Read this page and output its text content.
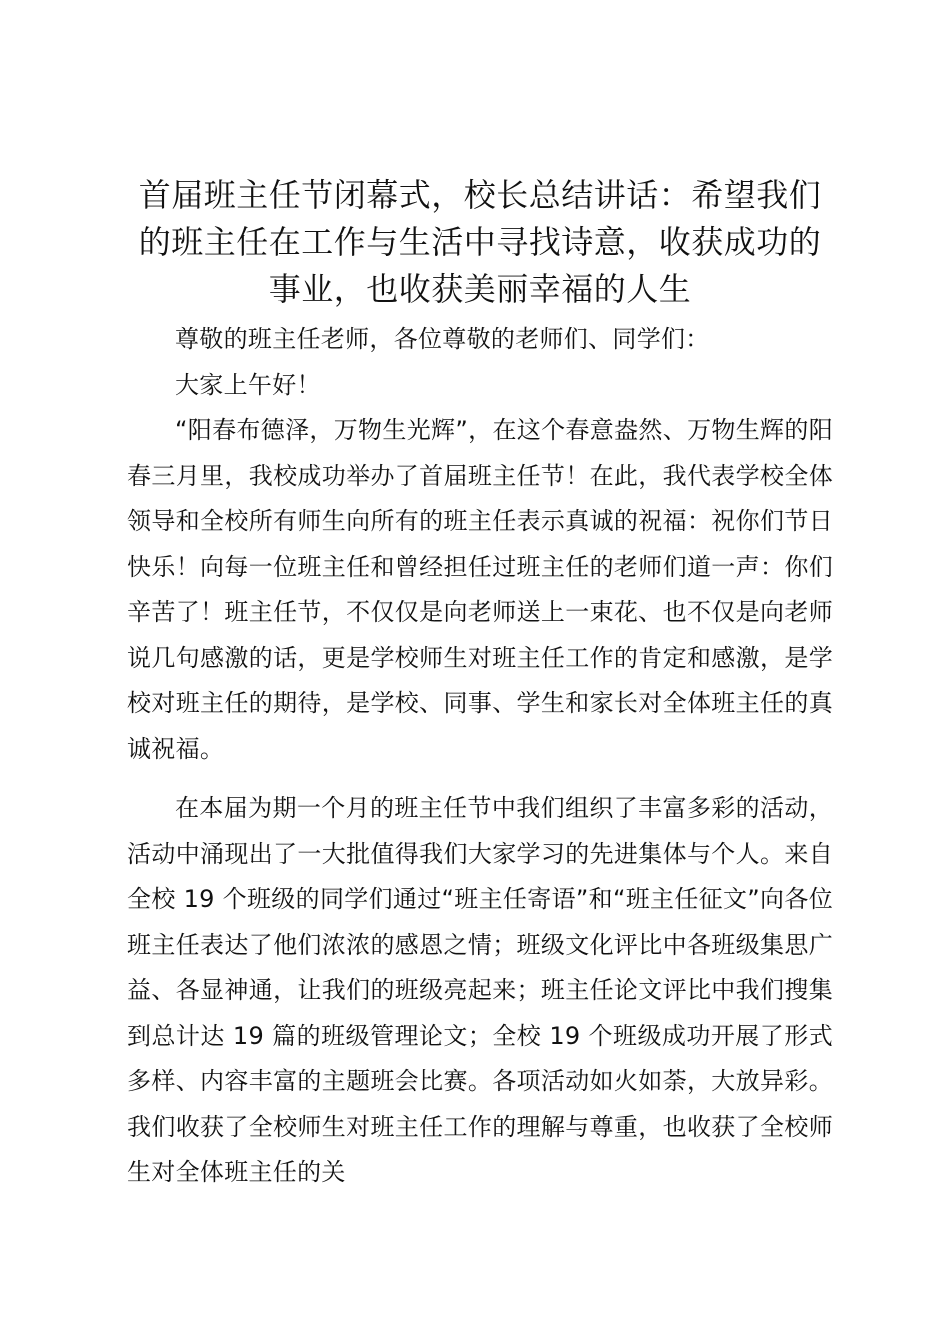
首届班主任节闭幕式，校长总结讲话：希望我们的班主任在工作与生活中寻找诗意，收获成功的事业，也收获美丽幸福的人生

尊敬的班主任老师，各位尊敬的老师们、同学们：

大家上午好！

“阳春布德泽，万物生光辉”，在这个春意盎然、万物生辉的阳春三月里，我校成功举办了首届班主任节！在此，我代表学校全体领导和全校所有师生向所有的班主任表示真诚的祝福：祝你们节日快乐！向每一位班主任和曾经担任过班主任的老师们道一声：你们辛苦了！班主任节，不仅仅是向老师送上一束花、也不仅是向老师说几句感激的话，更是学校师生对班主任工作的肯定和感激，是学校对班主任的期待，是学校、同事、学生和家长对全体班主任的真诚祝福。

在本届为期一个月的班主任节中我们组织了丰富多彩的活动，活动中涌现出了一大批值得我们大家学习的先进集体与个人。来自全校 19 个班级的同学们通过“班主任寄语”和“班主任征文”向各位班主任表达了他们浓浓的感恩之情；班级文化评比中各班级集思广益、各显神通，让我们的班级亮起来；班主任论文评比中我们搜集到总计达 19 篇的班级管理论文；全校 19 个班级成功开展了形式多样、内容丰富的主题班会比赛。各项活动如火如荼，大放异彩。我们收获了全校师生对班主任工作的理解与尊重，也收获了全校师生对全体班主任的关
